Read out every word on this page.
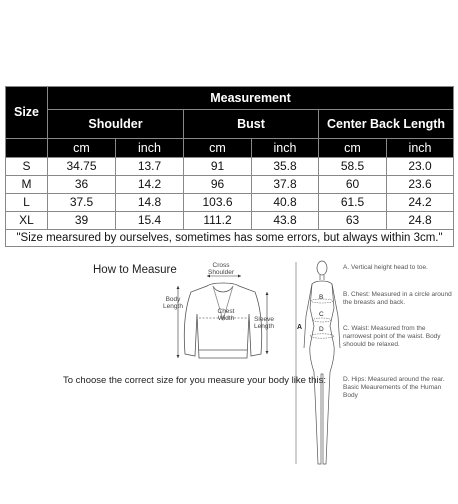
Size	Measurement					
	Shoulder		Bust		Center Back Length	
	cm	inch	cm	inch	cm	inch
S	34.75	13.7	91	35.8	58.5	23.0
M	36	14.2	96	37.8	60	23.6
L	37.5	14.8	103.6	40.8	61.5	24.2
XL	39	15.4	111.2	43.8	63	24.8
"Size mearsured by ourselves, sometimes has some errors, but always within 3cm."						
How to Measure	Cross Shoulder
Body Length
Chest Width	Sleeve Length
To choose the correct size for you measure your body like this:
A
B
C
D
A. Vertical height head to toe.
B. Chest: Measured in a circle around the breasts and back.
C. Waist: Measured from the narrowest point of the waist. Body shoould be relaxed.
D. Hips: Measured around the rear. Basic Meaurements of the Human Body
